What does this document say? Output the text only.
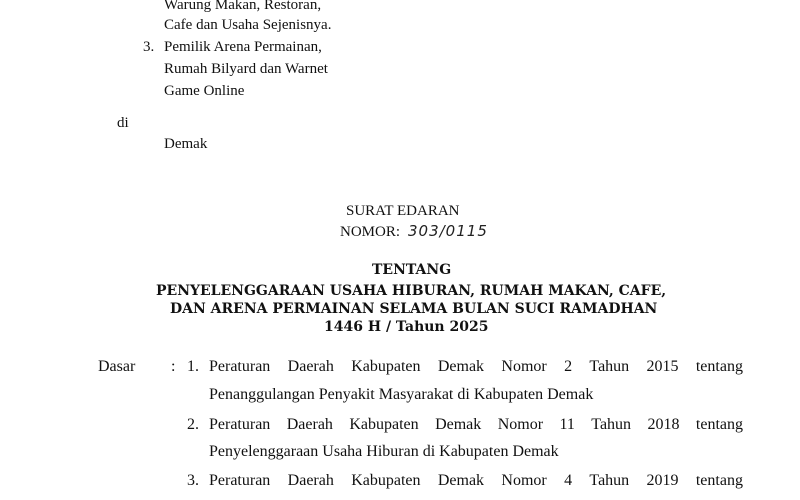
Warung Makan, Restoran,
Cafe dan Usaha Sejenisnya.
3. Pemilik Arena Permainan,
Rumah Bilyard dan Warnet
Game Online
di
Demak
SURAT EDARAN
NOMOR: 303/0115
TENTANG
PENYELENGGARAAN USAHA HIBURAN, RUMAH MAKAN, CAFE,
DAN ARENA PERMAINAN SELAMA BULAN SUCI RAMADHAN
1446 H / Tahun 2025
Dasar : 1. Peraturan Daerah Kabupaten Demak Nomor 2 Tahun 2015 tentang
Penanggulangan Penyakit Masyarakat di Kabupaten Demak
2. Peraturan Daerah Kabupaten Demak Nomor 11 Tahun 2018 tentang
Penyelenggaraan Usaha Hiburan di Kabupaten Demak
3. Peraturan Daerah Kabupaten Demak Nomor 4 Tahun 2019 tentang
